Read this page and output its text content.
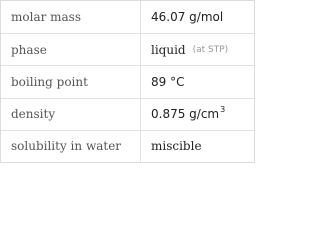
molar mass	46.07 g/mol
phase	liquid (at STP)
boiling point	89 °C
density	0.875 g/cm 3
solubility in water	miscible
